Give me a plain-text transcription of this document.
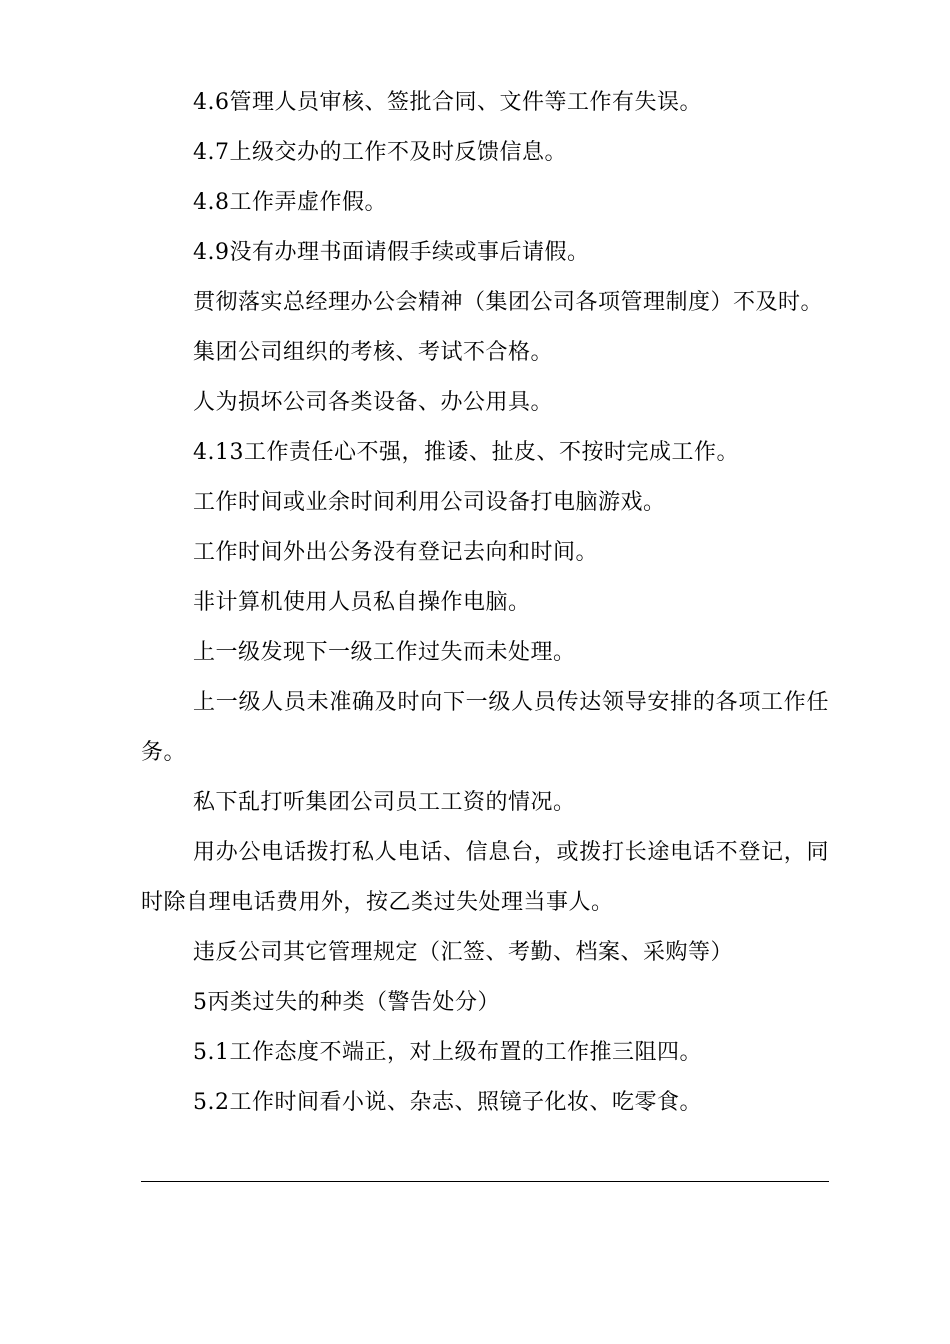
4.6管理人员审核、签批合同、文件等工作有失误。

4.7上级交办的工作不及时反馈信息。

4.8工作弄虚作假。

4.9没有办理书面请假手续或事后请假。

贯彻落实总经理办公会精神（集团公司各项管理制度）不及时。

集团公司组织的考核、考试不合格。

人为损坏公司各类设备、办公用具。

4.13工作责任心不强，推诿、扯皮、不按时完成工作。

工作时间或业余时间利用公司设备打电脑游戏。

工作时间外出公务没有登记去向和时间。

非计算机使用人员私自操作电脑。

上一级发现下一级工作过失而未处理。

上一级人员未准确及时向下一级人员传达领导安排的各项工作任务。

私下乱打听集团公司员工工资的情况。

用办公电话拨打私人电话、信息台，或拨打长途电话不登记，同时除自理电话费用外，按乙类过失处理当事人。

违反公司其它管理规定（汇签、考勤、档案、采购等）

5丙类过失的种类（警告处分）

5.1工作态度不端正，对上级布置的工作推三阻四。

5.2工作时间看小说、杂志、照镜子化妆、吃零食。
